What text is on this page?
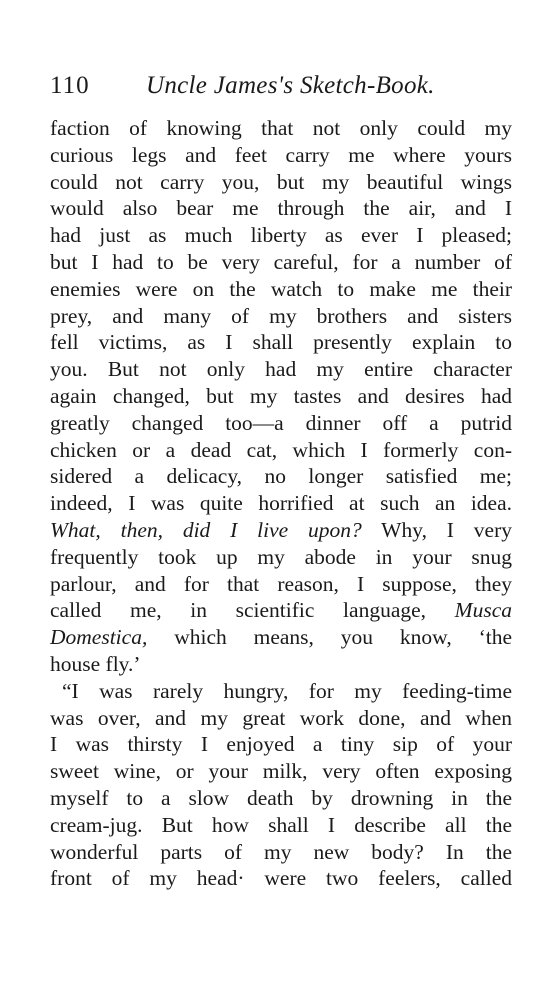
110 Uncle James's Sketch-Book.
faction of knowing that not only could my
curious legs and feet carry me where yours
could not carry you, but my beautiful wings
would also bear me through the air, and I
had just as much liberty as ever I pleased;
but I had to be very careful, for a number of
enemies were on the watch to make me their
prey, and many of my brothers and sisters
fell victims, as I shall presently explain to
you. But not only had my entire character
again changed, but my tastes and desires had
greatly changed too—a dinner off a putrid
chicken or a dead cat, which I formerly con-
sidered a delicacy, no longer satisfied me;
indeed, I was quite horrified at such an idea.
What, then, did I live upon? Why, I very
frequently took up my abode in your snug
parlour, and for that reason, I suppose, they
called me, in scientific language, Musca
Domestica, which means, you know, ‘the
house fly.’
“I was rarely hungry, for my feeding-time
was over, and my great work done, and when
I was thirsty I enjoyed a tiny sip of your
sweet wine, or your milk, very often exposing
myself to a slow death by drowning in the
cream-jug. But how shall I describe all the
wonderful parts of my new body? In the
front of my head· were two feelers, called
